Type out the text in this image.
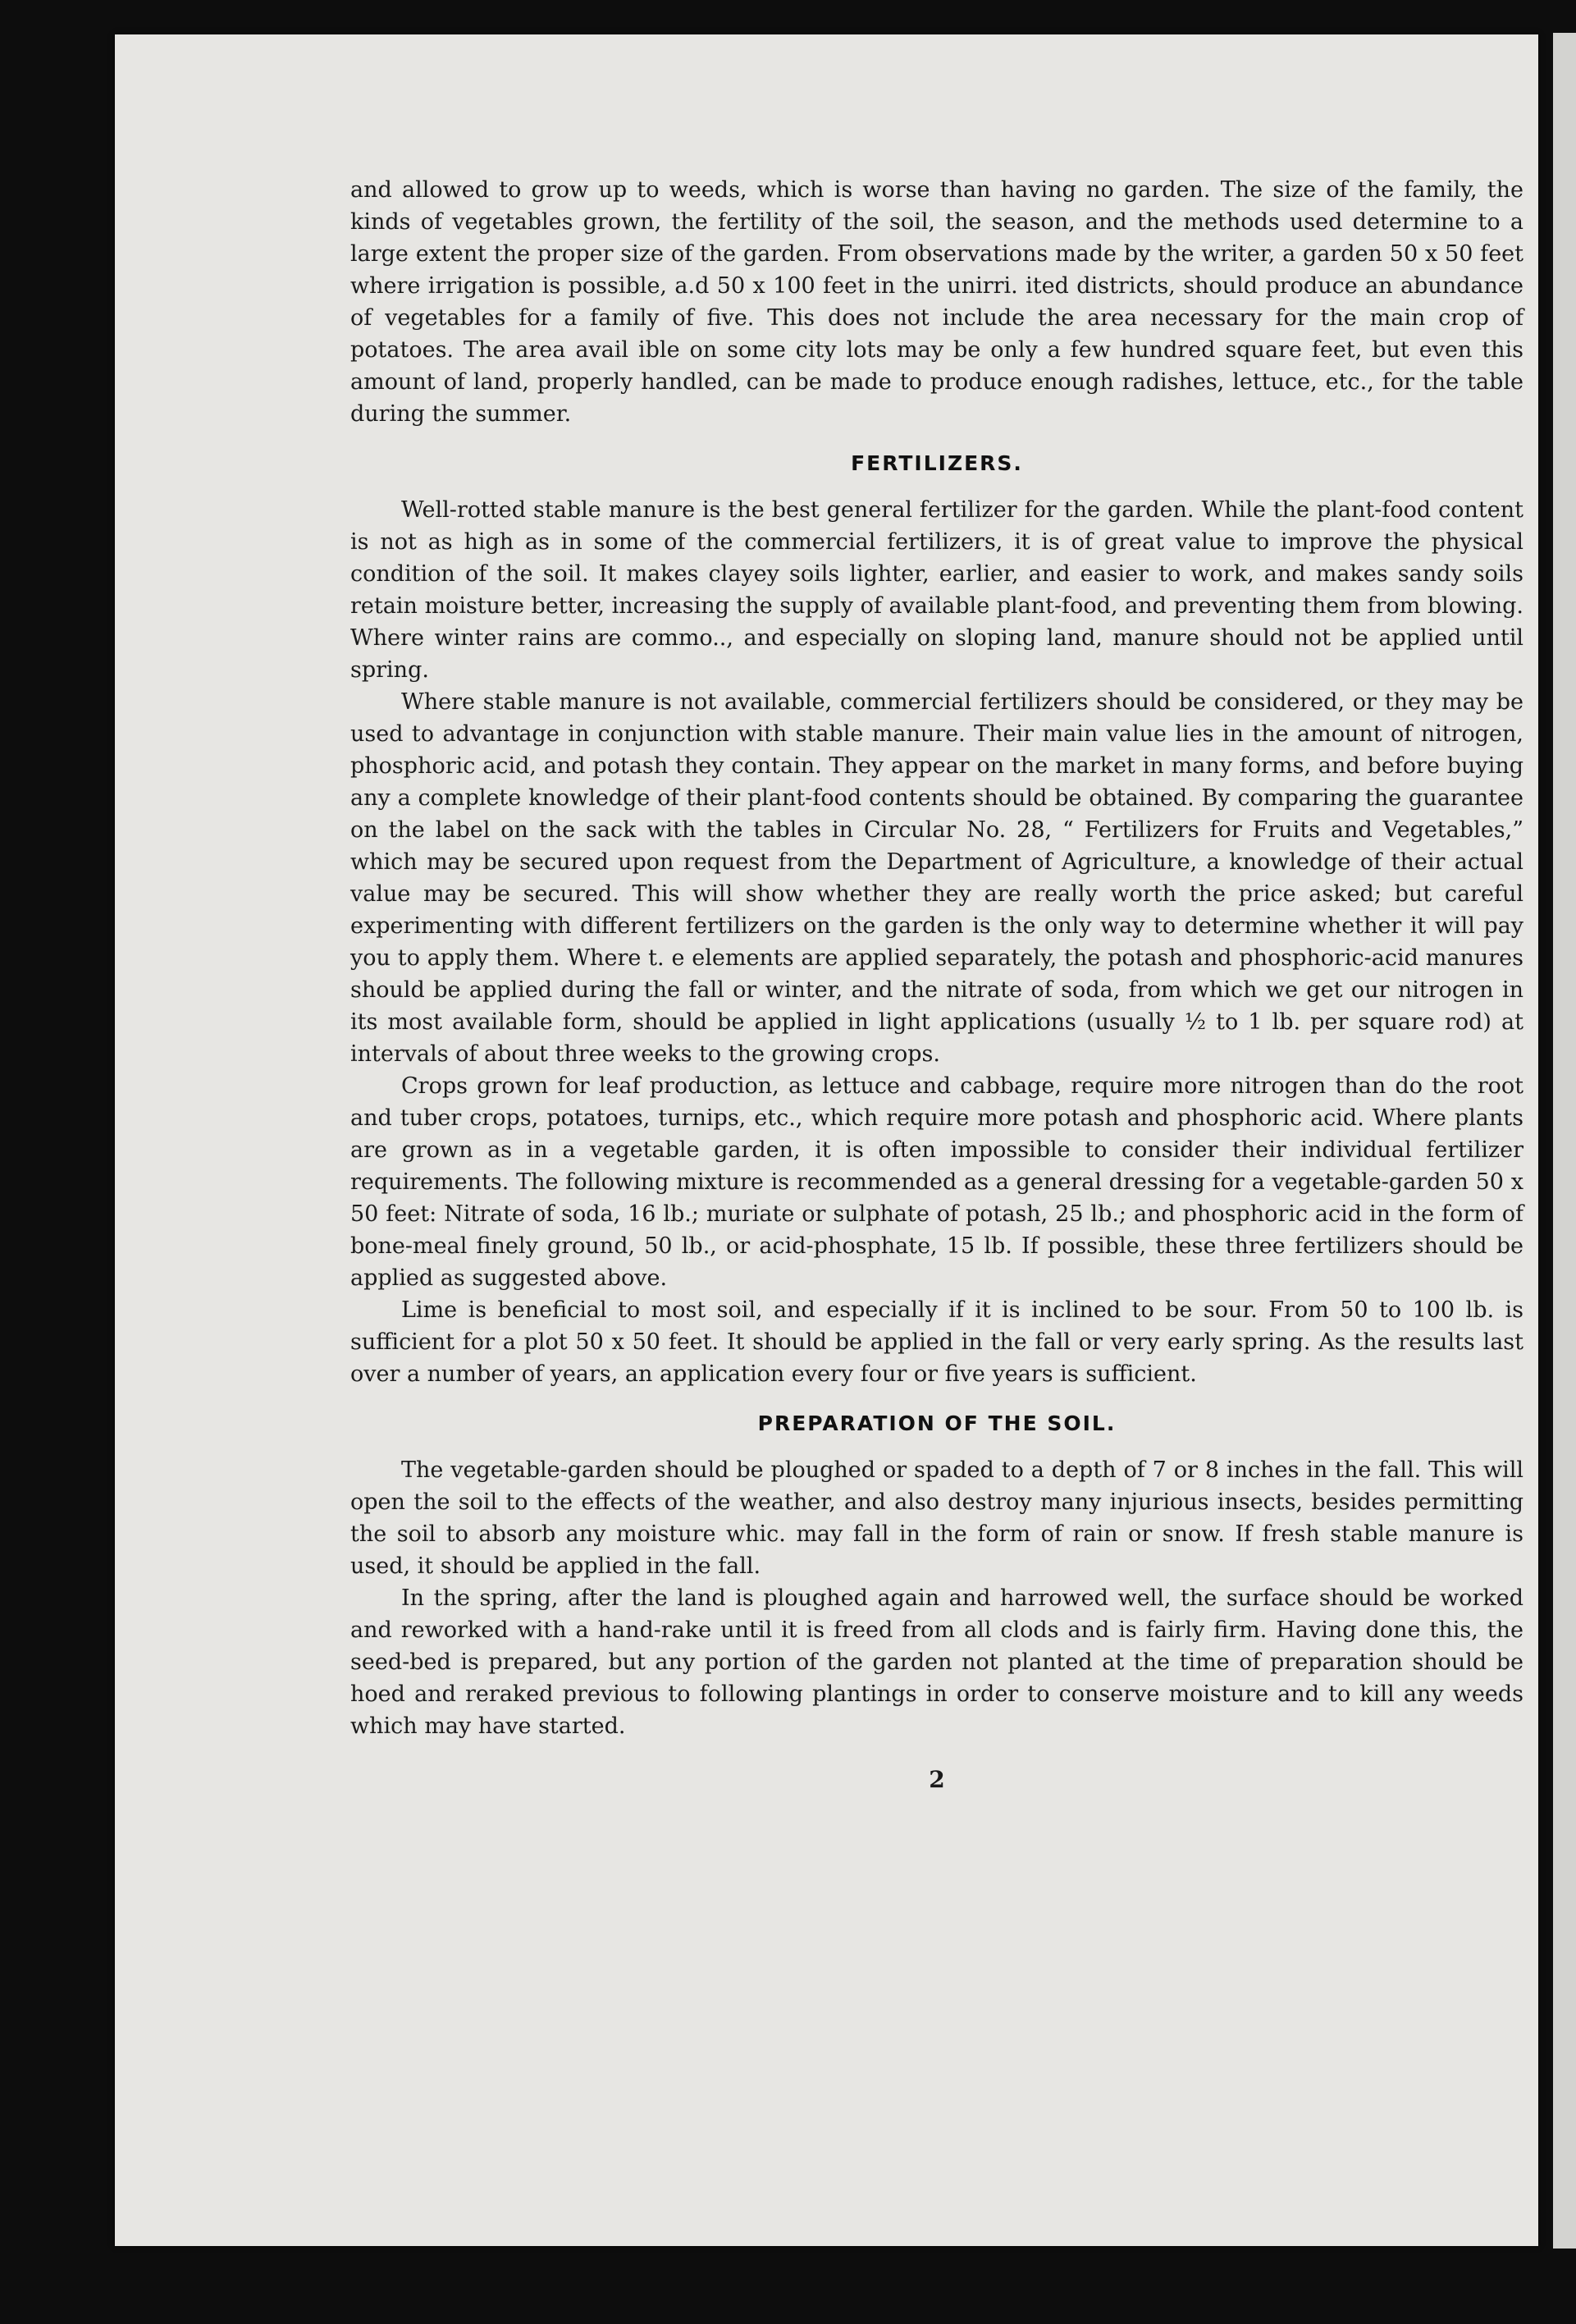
and allowed to grow up to weeds, which is worse than having no garden. The size of the family, the kinds of vegetables grown, the fertility of the soil, the season, and the methods used determine to a large extent the proper size of the garden. From observations made by the writer, a garden 50 x 50 feet where irrigation is possible, a.d 50 x 100 feet in the unirri. ited districts, should produce an abundance of vegetables for a family of five. This does not include the area necessary for the main crop of potatoes. The area avail ible on some city lots may be only a few hundred square feet, but even this amount of land, properly handled, can be made to produce enough radishes, lettuce, etc., for the table during the summer.

FERTILIZERS.

Well-rotted stable manure is the best general fertilizer for the garden. While the plant-food content is not as high as in some of the commercial fertilizers, it is of great value to improve the physical condition of the soil. It makes clayey soils lighter, earlier, and easier to work, and makes sandy soils retain moisture better, increasing the supply of available plant-food, and preventing them from blowing. Where winter rains are commo.., and especially on sloping land, manure should not be applied until spring.

Where stable manure is not available, commercial fertilizers should be considered, or they may be used to advantage in conjunction with stable manure. Their main value lies in the amount of nitrogen, phosphoric acid, and potash they contain. They appear on the market in many forms, and before buying any a complete knowledge of their plant-food contents should be obtained. By comparing the guarantee on the label on the sack with the tables in Circular No. 28, “ Fertilizers for Fruits and Vegetables,” which may be secured upon request from the Department of Agriculture, a knowledge of their actual value may be secured. This will show whether they are really worth the price asked; but careful experimenting with different fertilizers on the garden is the only way to determine whether it will pay you to apply them. Where t. e elements are applied separately, the potash and phosphoric-acid manures should be applied during the fall or winter, and the nitrate of soda, from which we get our nitrogen in its most available form, should be applied in light applications (usually ½ to 1 lb. per square rod) at intervals of about three weeks to the growing crops.

Crops grown for leaf production, as lettuce and cabbage, require more nitrogen than do the root and tuber crops, potatoes, turnips, etc., which require more potash and phosphoric acid. Where plants are grown as in a vegetable garden, it is often impossible to consider their individual fertilizer requirements. The following mixture is recommended as a general dressing for a vegetable-garden 50 x 50 feet: Nitrate of soda, 16 lb.; muriate or sulphate of potash, 25 lb.; and phosphoric acid in the form of bone-meal finely ground, 50 lb., or acid-phosphate, 15 lb. If possible, these three fertilizers should be applied as suggested above.

Lime is beneficial to most soil, and especially if it is inclined to be sour. From 50 to 100 lb. is sufficient for a plot 50 x 50 feet. It should be applied in the fall or very early spring. As the results last over a number of years, an application every four or five years is sufficient.

PREPARATION OF THE SOIL.

The vegetable-garden should be ploughed or spaded to a depth of 7 or 8 inches in the fall. This will open the soil to the effects of the weather, and also destroy many injurious insects, besides permitting the soil to absorb any moisture whic. may fall in the form of rain or snow. If fresh stable manure is used, it should be applied in the fall.

In the spring, after the land is ploughed again and harrowed well, the surface should be worked and reworked with a hand-rake until it is freed from all clods and is fairly firm. Having done this, the seed-bed is prepared, but any portion of the garden not planted at the time of preparation should be hoed and reraked previous to following plantings in order to conserve moisture and to kill any weeds which may have started.

2
